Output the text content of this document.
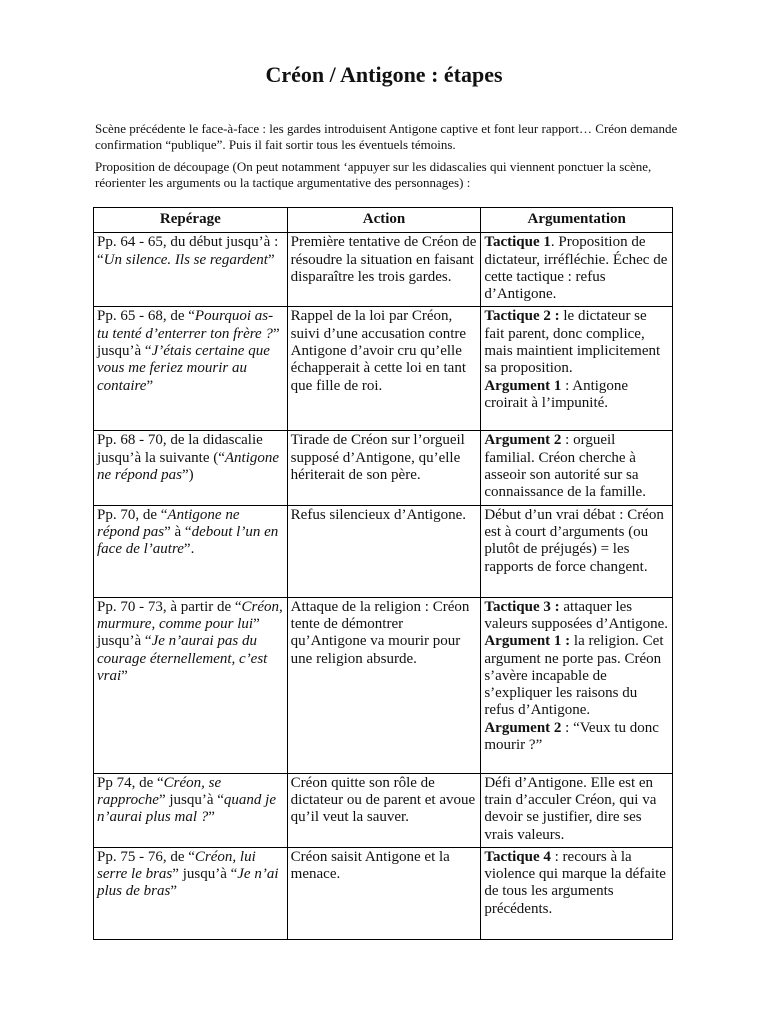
Créon / Antigone : étapes

Scène précédente le face-à-face : les gardes introduisent Antigone captive et font leur rapport… Créon demande confirmation “publique”. Puis il fait sortir tous les éventuels témoins.

Proposition de découpage (On peut notamment ‘appuyer sur les didascalies qui viennent ponctuer la scène, réorienter les arguments ou la tactique argumentative des personnages) :

Repérage	Action	Argumentation
Pp. 64 - 65, du début jusqu’à : “Un silence. Ils se regardent”	Première tentative de Créon de résoudre la situation en faisant disparaître les trois gardes.	Tactique 1. Proposition de dictateur, irréfléchie. Échec de cette tactique : refus d’Antigone.

Pp. 65 - 68, de “Pourquoi as-tu tenté d’enterrer ton frère ?” jusqu’à “J’étais certaine que vous me feriez mourir au contaire”	Rappel de la loi par Créon, suivi d’une accusation contre Antigone d’avoir cru qu’elle échapperait à cette loi en tant que fille de roi.	Tactique 2 : le dictateur se fait parent, donc complice, mais maintient implicitement sa proposition.
Argument 1 : Antigone croirait à l’impunité.

Pp. 68 - 70, de la didascalie jusqu’à la suivante (“Antigone ne répond pas”)	Tirade de Créon sur l’orgueil supposé d’Antigone, qu’elle hériterait de son père.	Argument 2 : orgueil familial. Créon cherche à asseoir son autorité sur sa connaissance de la famille.

Pp. 70, de “Antigone ne répond pas” à “debout l’un en face de l’autre”.	Refus silencieux d’Antigone.	Début d’un vrai débat : Créon est à court d’arguments (ou plutôt de préjugés) = les rapports de force changent.

Pp. 70 - 73, à partir de “Créon, murmure, comme pour lui” jusqu’à “Je n’aurai pas du courage éternellement, c’est vrai”	Attaque de la religion : Créon tente de démontrer qu’Antigone va mourir pour une religion absurde.	Tactique 3 : attaquer les valeurs supposées d’Antigone.
Argument 1 : la religion. Cet argument ne porte pas. Créon s’avère incapable de s’expliquer les raisons du refus d’Antigone.
Argument 2 : “Veux tu donc mourir ?”

Pp 74, de “Créon, se rapproche” jusqu’à “quand je n’aurai plus mal ?”	Créon quitte son rôle de dictateur ou de parent et avoue qu’il veut la sauver.	Défi d’Antigone. Elle est en train d’acculer Créon, qui va devoir se justifier, dire ses vrais valeurs.

Pp. 75 - 76, de “Créon, lui serre le bras” jusqu’à “Je n’ai plus de bras”	Créon saisit Antigone et la menace.	Tactique 4 : recours à la violence qui marque la défaite de tous les arguments précédents.
